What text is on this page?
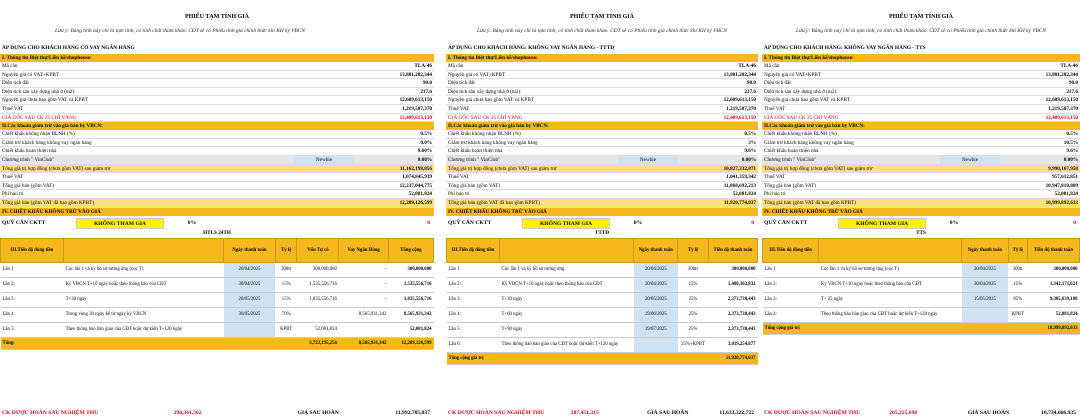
PHIẾU TẠM TÍNH GIÁ
Lưu ý: Bảng tính này chỉ là tạm tính, có tính chất tham khảo. CĐT sẽ có Phiếu tính giá chính thức khi KH ký VBCN
ÁP DỤNG CHO KHÁCH HÀNG CÓ VAY NGÂN HÀNG
I. Thông tin Biệt thự/Liền kề/shophouse:
Mã căn	TLA-46
Nguyên giá có VAT+KPBT	13,881,282,344
Diện tích đất	90.0
Diện tích sàn xây dựng nhà ở (m2):	217.6
Nguyên giá chưa bao gồm VAT và KPBT	12,609,613,150
Thuế VAT	1,219,587,370
GIÁ GỐC SAU CK 25 CHỈ VÀNG	12,409,613,150
II.Các khoản giảm trừ vào giá bán by VBCN:
Chiết khấu không nhận BLNH (%)	0.5%
Giảm trừ khách hàng không vay ngân hàng	0.0%
Chiết khấu hoàn thiện nhà	9.60%
Chương trình " VinClub"	Newbie	0.00%
Tổng giá trị hợp đồng (chưa gồm VAT) sau giảm trừ	11,162,198,856
Thuế VAT	1,074,845,939
Tổng giá bán (gồm VAT)	12,237,044,775
Phí bảo trì	52,081,824
Tổng giá bán (gồm VAT đã bao gồm KPBT)	12,289,126,599
IV. CHIẾT KHẤU KHÔNG TRỪ VÀO GIÁ
QUỸ CĂN CKTT	KHÔNG THAM GIA	0%	0
HTLS 24TH
III.Tiến độ đóng tiền		Ngày thanh toán	Tỷ lệ	Vốn Tự có	Vay Ngân Hàng	Tổng cộng
Lần 1	Cọc lần 1 và ký hồ sơ tương ứng (cọc T)	20/04/2025	300tr	300,000,000	-	300,000,000
Lần 2:	Ký VBCN T+10 ngày hoặc theo thông báo của CĐT	30/04/2025	15%	1,535,556,716	-	1,535,556,716
Lần 3:	T+30 ngày	20/05/2025	15%	1,835,556,716	-	1,835,556,716
Lần 4:	Trong vòng 30 ngày kể từ ngày ký VBCN	30/05/2025	70%		8,565,931,342	8,565,931,342
Lần 5:	Theo thông báo bàn giao của CĐT hoặc dự kiến T+120 ngày		KPBT	52,081,824		52,081,824
Tổng:				3,723,195,256	8,565,931,342	12,289,126,599
CK ĐƯỢC HOÀN SAU NGHIỆM THU	296,341,562	GIÁ SAU HOÀN	11,992,785,037
PHIẾU TẠM TÍNH GIÁ
Lưu ý: Bảng tính này chỉ là tạm tính, có tính chất tham khảo. CĐT sẽ có Phiếu tính giá chính thức khi KH ký VBCN
ÁP DỤNG CHO KHÁCH HÀNG: KHÔNG VAY NGÂN HÀNG - TTTĐ
I. Thông tin Biệt thự/Liền kề/shophouse:
Mã căn	TLA-46
Nguyên giá có VAT+KPBT	13,881,282,344
Diện tích đất	90.0
Diện tích sàn xây dựng nhà ở (m2):	217.6
Nguyên giá chưa bao gồm VAT và KPBT	12,609,613,150
Thuế VAT	1,219,587,370
GIÁ GỐC SAU CK 25 CHỈ VÀNG	12,409,613,150
II.Các khoản giảm trừ vào giá bán by VBCN:
Chiết khấu không nhận BLNH (%)	0.5%
Giảm trừ khách hàng không vay ngân hàng	3%
Chiết khấu hoàn thiện nhà	9.6%
Chương trình " VinClub"	Newbie	0.00%
Tổng giá trị hợp đồng (chưa gồm VAT) sau giảm trừ	10,827,332,871
Thuế VAT	1,041,359,342
Tổng giá bán (gồm VAT)	11,868,692,213
Phí bảo trì	52,081,824
Tổng giá bán (gồm VAT đã bao gồm KPBT)	11,920,774,037
IV. CHIẾT KHẤU KHÔNG TRỪ VÀO GIÁ
QUỸ CĂN CKTT	KHÔNG THAM GIA	0%	0
TTTĐ
III.Tiến độ đóng tiền		Ngày thanh toán	Tỷ lệ	Tiền độ thanh toán
Lần 1	Cọc lần 1 và ký hồ sơ tương ứng	20/04/2025	300tr	300,000,000
Lần 2:	Ký VBCN T+10 ngày hoặc theo thông báo của CĐT	30/04/2025	15%	1,480,302,832
Lần 3:	T+30 ngày	20/05/2025	25%	2,373,738,443
Lần 4:	T+60 ngày	19/06/2025	25%	2,373,738,443
Lần 5:	T+90 ngày	19/07/2025	25%	2,373,738,443
Lần 6:	Theo thông báo bàn giao của CĐT hoặc dự kiến T+120 ngày		25%+KPBT	3,019,254,877
Tổng cộng giá trị				11,920,774,037
CK ĐƯỢC HOÀN SAU NGHIỆM THU	287,451,315	GIÁ SAU HOÀN	11,633,322,722
PHIẾU TẠM TÍNH GIÁ
Lưu ý: Bảng tính này chỉ là tạm tính, có tính chất tham khảo. CĐT sẽ có Phiếu tính giá chính thức khi KH ký VBCN
ÁP DỤNG CHO KHÁCH HÀNG: KHÔNG VAY NGÂN HÀNG - TTS
I. Thông tin Biệt thự/Liền kề/shophouse:
Mã căn	TLA-46
Nguyên giá có VAT+KPBT	13,881,282,344
Diện tích đất	90.0
Diện tích sàn xây dựng nhà ở (m2):	217.6
Nguyên giá chưa bao gồm VAT và KPBT	12,609,613,150
Thuế VAT	1,219,587,370
GIÁ GỐC SAU CK 25 CHỈ VÀNG	12,409,613,150
II.Các khoản giảm trừ vào giá bán by VBCN:
Chiết khấu không nhận BLNH (%)	0.5%
Giảm trừ khách hàng không vay ngân hàng	10.5%
Chiết khấu hoàn thiện nhà	9.6%
Chương trình " VinClub"	Newbie	0.00%
Tổng giá trị hợp đồng (chưa gồm VAT) sau giảm trừ	9,990,167,958
Thuế VAT	957,612,851
Tổng giá bán (gồm VAT)	10,947,810,809
Phí bảo trì	52,081,824
Tổng giá bán (gồm VAT đã bao gồm KPBT)	10,999,892,633
IV. CHIẾT KHẤU KHÔNG TRỪ VÀO GIÁ
QUỸ CĂN CKTT	KHÔNG THAM GIA	0%	0
TTS
III.Tiến độ đóng tiền		Ngày thanh toán	Tỷ lệ	Tiền độ thanh toán
Lần 1	Cọc lần 1 và ký hồ sơ tương ứng (cọc T)	20/04/2025	300tr	300,000,000
Lần 2:	Ký VBCN T+10 ngày hoặc theo thông báo của CĐT	30/04/2025	15%	1,342,171,621
Lần 3:	T+ 25 ngày	15/05/2025	85%	9,305,639,188
Lần 4:	Theo thông báo bàn giao của CĐT hoặc dự kiến T+120 ngày		KPBT	52,081,824
Tổng cộng giá trị				10,999,892,633
CK ĐƯỢC HOÀN SAU NGHIỆM THU	265,225,698	GIÁ SAU HOÀN	10,734,666,935
